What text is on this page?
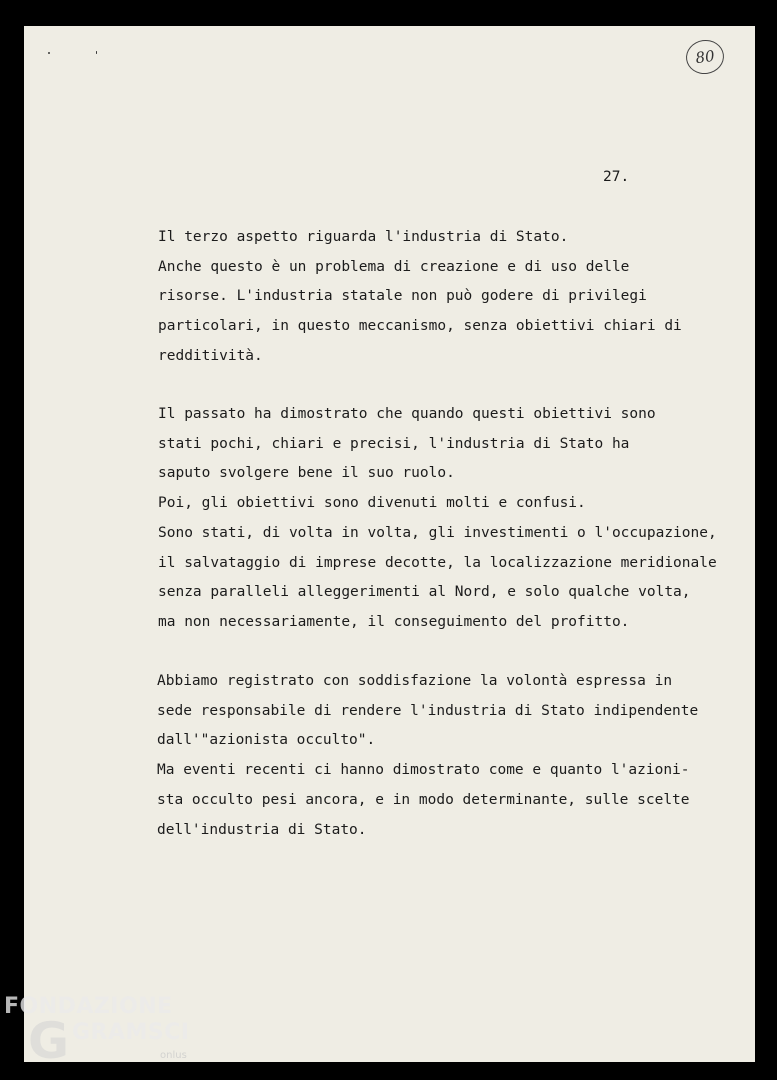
80
27.
Il terzo aspetto riguarda l'industria di Stato.
Anche questo è un problema di creazione e di uso delle
risorse. L'industria statale non può godere di privilegi
particolari, in questo meccanismo, senza obiettivi chiari di
redditività.
Il passato ha dimostrato che quando questi obiettivi sono
stati pochi, chiari e precisi, l'industria di Stato ha
saputo svolgere bene il suo ruolo.
Poi, gli obiettivi sono divenuti molti e confusi.
Sono stati, di volta in volta, gli investimenti o l'occupazione,
il salvataggio di imprese decotte, la localizzazione meridionale
senza paralleli alleggerimenti al Nord, e solo qualche volta,
ma non necessariamente, il conseguimento del profitto.
Abbiamo registrato con soddisfazione la volontà espressa in
sede responsabile di rendere l'industria di Stato indipendente
dall'"azionista occulto".
Ma eventi recenti ci hanno dimostrato come e quanto l'azioni-
sta occulto pesi ancora, e in modo determinante, sulle scelte
dell'industria di Stato.
FONDAZIONE
G GRAMSCI
onlus
